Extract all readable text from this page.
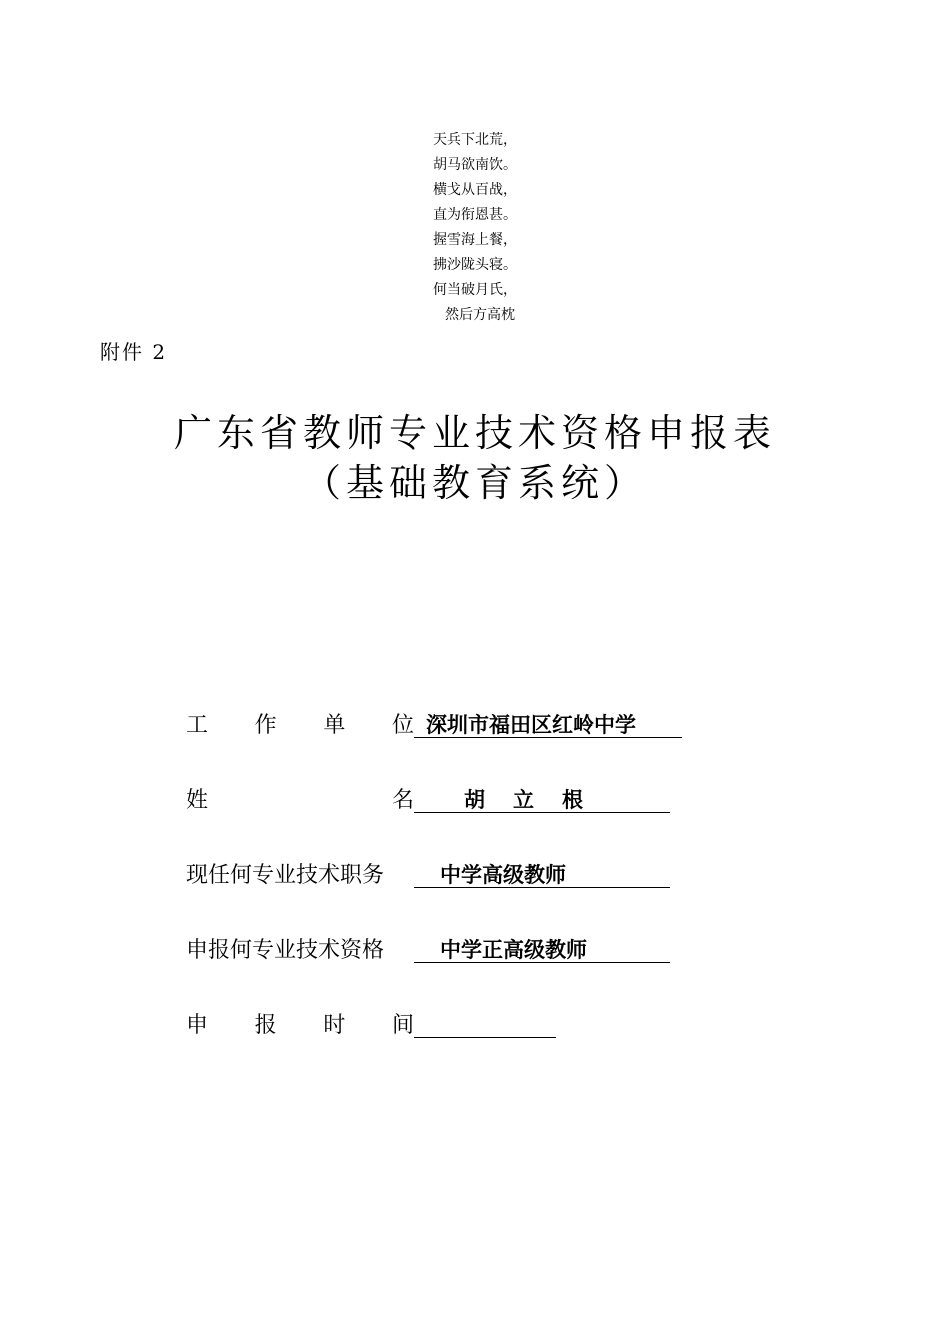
天兵下北荒，
胡马欲南饮。
横戈从百战，
直为衔恩甚。
握雪海上餐，
拂沙陇头寝。
何当破月氏，
然后方高枕
附件 2
广东省教师专业技术资格申报表
（基础教育系统）
工 作 单 位 深圳市福田区红岭中学
姓	名	胡立根
现任何专业技术职务	中学高级教师
申报何专业技术资格	中学正高级教师
申 报 时 间
